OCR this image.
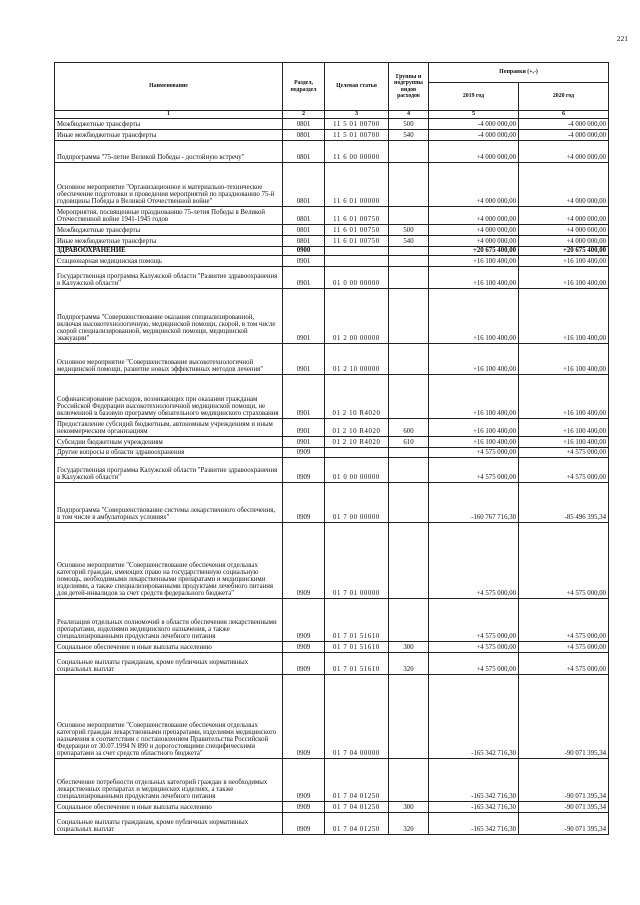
221
Наименование	Раздел, подраздел	Целевая статья	Группы и подгруппы видов расходов	Поправки (+,-)	
				2019 год	2020 год
1	2	3	4	5	6
Межбюджетные трансферты	0801	11 5 01 00700	500	-4 000 000,00	-4 000 000,00
Иные межбюджетные трансферты	0801	11 5 01 00700	540	-4 000 000,00	-4 000 000,00
Подпрограмма "75-летие Великой Победы - достойную встречу"	0801	11 6 00 00000		+4 000 000,00	+4 000 000,00
Основное мероприятие "Организационное и материально-техническое обеспечение подготовки и проведения мероприятий по празднованию 75-й годовщины Победы в Великой Отечественной войне"	0801	11 6 01 00000		+4 000 000,00	+4 000 000,00
Мероприятия, посвященные празднованию 75-летия Победы в Великой Отечественной войне 1941-1945 годов	0801	11 6 01 00750		+4 000 000,00	+4 000 000,00
Межбюджетные трансферты	0801	11 6 01 00750	500	+4 000 000,00	+4 000 000,00
Иные межбюджетные трансферты	0801	11 6 01 00750	540	+4 000 000,00	+4 000 000,00
ЗДРАВООХРАНЕНИЕ	0900			+20 675 400,00	+20 675 400,00
Стационарная медицинская помощь	0901			+16 100 400,00	+16 100 400,00
Государственная программа Калужской области "Развитие здравоохранения в Калужской области"	0901	01 0 00 00000		+16 100 400,00	+16 100 400,00
Подпрограмма "Совершенствование оказания специализированной, включая высокотехнологичную, медицинской помощи, скорой, в том числе скорой специализированной, медицинской помощи, медицинской эвакуации"	0901	01 2 00 00000		+16 100 400,00	+16 100 400,00
Основное мероприятие "Совершенствование высокотехнологичной медицинской помощи, развитие новых эффективных методов лечения"	0901	01 2 10 00000		+16 100 400,00	+16 100 400,00
Софинансирование расходов, возникающих при оказании гражданам Российской Федерации высокотехнологичной медицинской помощи, не включенной в базовую программу обязательного медицинского страхования	0901	01 2 10 R4020		+16 100 400,00	+16 100 400,00
Предоставление субсидий бюджетным, автономным учреждениям и иным некоммерческим организациям	0901	01 2 10 R4020	600	+16 100 400,00	+16 100 400,00
Субсидии бюджетным учреждениям	0901	01 2 10 R4020	610	+16 100 400,00	+16 100 400,00
Другие вопросы в области здравоохранения	0909			+4 575 000,00	+4 575 000,00
Государственная программа Калужской области "Развитие здравоохранения в Калужской области"	0909	01 0 00 00000		+4 575 000,00	+4 575 000,00
Подпрограмма "Совершенствование системы лекарственного обеспечения, в том числе в амбулаторных условиях"	0909	01 7 00 00000		-160 767 716,30	-85 496 395,34
Основное мероприятие "Совершенствование обеспечения отдельных категорий граждан, имеющих право на государственную социальную помощь, необходимыми лекарственными препаратами и медицинскими изделиями, а также специализированными продуктами лечебного питания для детей-инвалидов за счет средств федерального бюджета"	0909	01 7 01 00000		+4 575 000,00	+4 575 000,00
Реализация отдельных полномочий в области обеспечения лекарственными препаратами, изделиями медицинского назначения, а также специализированными продуктами лечебного питания	0909	01 7 01 51610		+4 575 000,00	+4 575 000,00
Социальное обеспечение и иные выплаты населению	0909	01 7 01 51610	300	+4 575 000,00	+4 575 000,00
Социальные выплаты гражданам, кроме публичных нормативных социальных выплат	0909	01 7 01 51610	320	+4 575 000,00	+4 575 000,00
Основное мероприятие "Совершенствование обеспечения отдельных категорий граждан лекарственными препаратами, изделиями медицинского назначения в соответствии с постановлением Правительства Российской Федерации от 30.07.1994 N 890 и дорогостоящими специфическими препаратами за счет средств областного бюджета"	0909	01 7 04 00000		-165 342 716,30	-90 071 395,34
Обеспечение потребности отдельных категорий граждан в необходимых лекарственных препаратах и медицинских изделиях, а также специализированными продуктами лечебного питания	0909	01 7 04 01250		-165 342 716,30	-90 071 395,34
Социальное обеспечение и иные выплаты населению	0909	01 7 04 01250	300	-165 342 716,30	-90 071 395,34
Социальные выплаты гражданам, кроме публичных нормативных социальных выплат	0909	01 7 04 01250	320	-165 342 716,30	-90 071 395,34
